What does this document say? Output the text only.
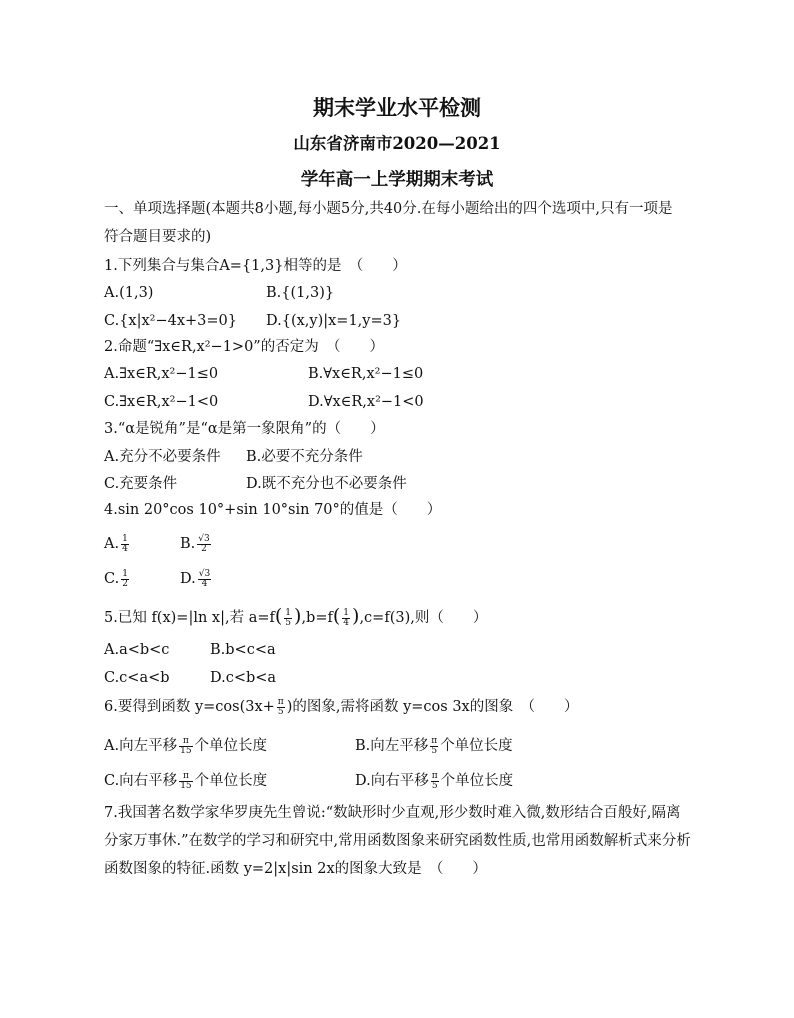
期末学业水平检测
山东省济南市2020—2021
学年高一上学期期末考试
一、单项选择题(本题共8小题,每小题5分,共40分.在每小题给出的四个选项中,只有一项是
符合题目要求的)
1.下列集合与集合A={1,3}相等的是　（　　）
A.(1,3)	B.{(1,3)}
C.{x|x²−4x+3=0} D.{(x,y)|x=1,y=3}
2.命题“∃x∈R,x²−1>0”的否定为　（　　）
A.∃x∈R,x²−1≤0	B.∀x∈R,x²−1≤0
C.∃x∈R,x²−1<0	D.∀x∈R,x²−1<0
3.“α是锐角”是“α是第一象限角”的（　　）
A.充分不必要条件 B.必要不充分条件
C.充要条件	D.既不充分也不必要条件
4.sin 20°cos 10°+sin 10°sin 70°的值是（　　）
A. $\frac{1}{4}$	B. $\frac{√3}{2}$
C. $\frac{1}{2}$	D. $\frac{√3}{4}$
5.已知 f(x)=|ln x|,若 $a=f( \frac{1}{5} ),b=f( \frac{1}{4} ),c=f(3)$,则（　　）
A.a<b<c	B.b<c<a
C.c<a<b	D.c<b<a
6.要得到函数 $y=\cos(3x+ \frac{\pi}{5}$ )的图象,需将函数 y=cos 3x的图象　（　　）
A.向左平移 $\frac{\pi}{15}$ 个单位长度	B.向左平移 $\frac{\pi}{5}$ 个单位长度
C.向右平移 $\frac{\pi}{15}$ 个单位长度	D.向右平移 $\frac{\pi}{5}$ 个单位长度
7.我国著名数学家华罗庚先生曾说:“数缺形时少直观,形少数时难入微,数形结合百般好,隔离
分家万事休.”在数学的学习和研究中,常用函数图象来研究函数性质,也常用函数解析式来分析
函数图象的特征.函数 y=2|x|sin 2x的图象大致是　（　　）
